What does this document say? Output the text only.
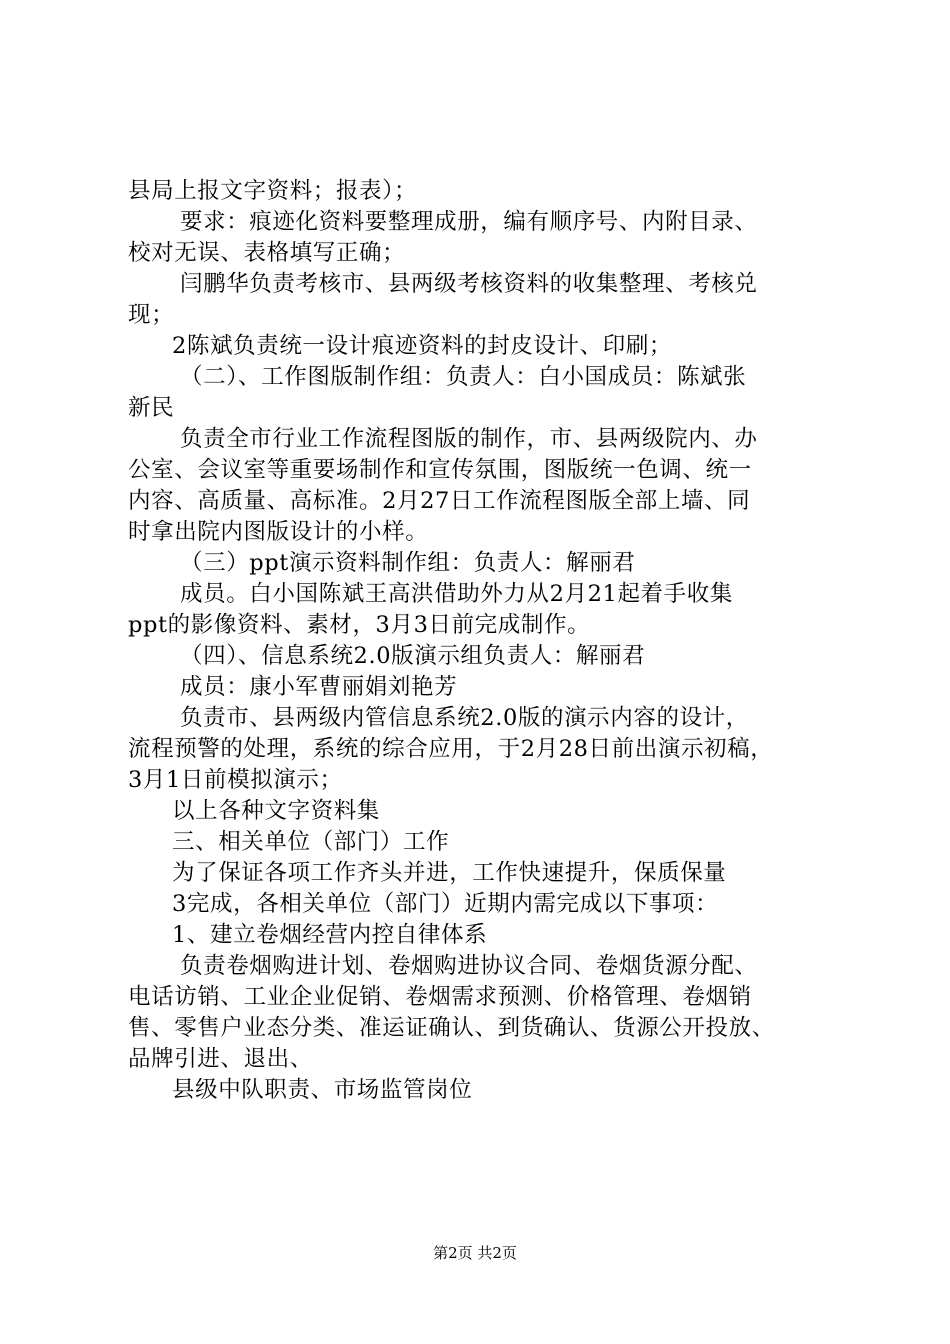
县局上报文字资料；报表）；
要求：痕迹化资料要整理成册，编有顺序号、内附目录、
校对无误、表格填写正确；
闫鹏华负责考核市、县两级考核资料的收集整理、考核兑
现；
2陈斌负责统一设计痕迹资料的封皮设计、印刷；
（二）、工作图版制作组：负责人：白小国成员：陈斌张
新民
负责全市行业工作流程图版的制作，市、县两级院内、办
公室、会议室等重要场制作和宣传氛围，图版统一色调、统一
内容、高质量、高标准。2月27日工作流程图版全部上墙、同
时拿出院内图版设计的小样。
（三）ppt演示资料制作组：负责人：解丽君
成员。白小国陈斌王高洪借助外力从2月21起着手收集
ppt的影像资料、素材，3月3日前完成制作。
（四）、信息系统2.0版演示组负责人：解丽君
成员：康小军曹丽娟刘艳芳
负责市、县两级内管信息系统2.0版的演示内容的设计，
流程预警的处理，系统的综合应用，于2月28日前出演示初稿，
3月1日前模拟演示；
以上各种文字资料集
三、相关单位（部门）工作
为了保证各项工作齐头并进，工作快速提升，保质保量
3完成，各相关单位（部门）近期内需完成以下事项：
1、建立卷烟经营内控自律体系
负责卷烟购进计划、卷烟购进协议合同、卷烟货源分配、
电话访销、工业企业促销、卷烟需求预测、价格管理、卷烟销
售、零售户业态分类、准运证确认、到货确认、货源公开投放、
品牌引进、退出、
县级中队职责、市场监管岗位
第2页 共2页
